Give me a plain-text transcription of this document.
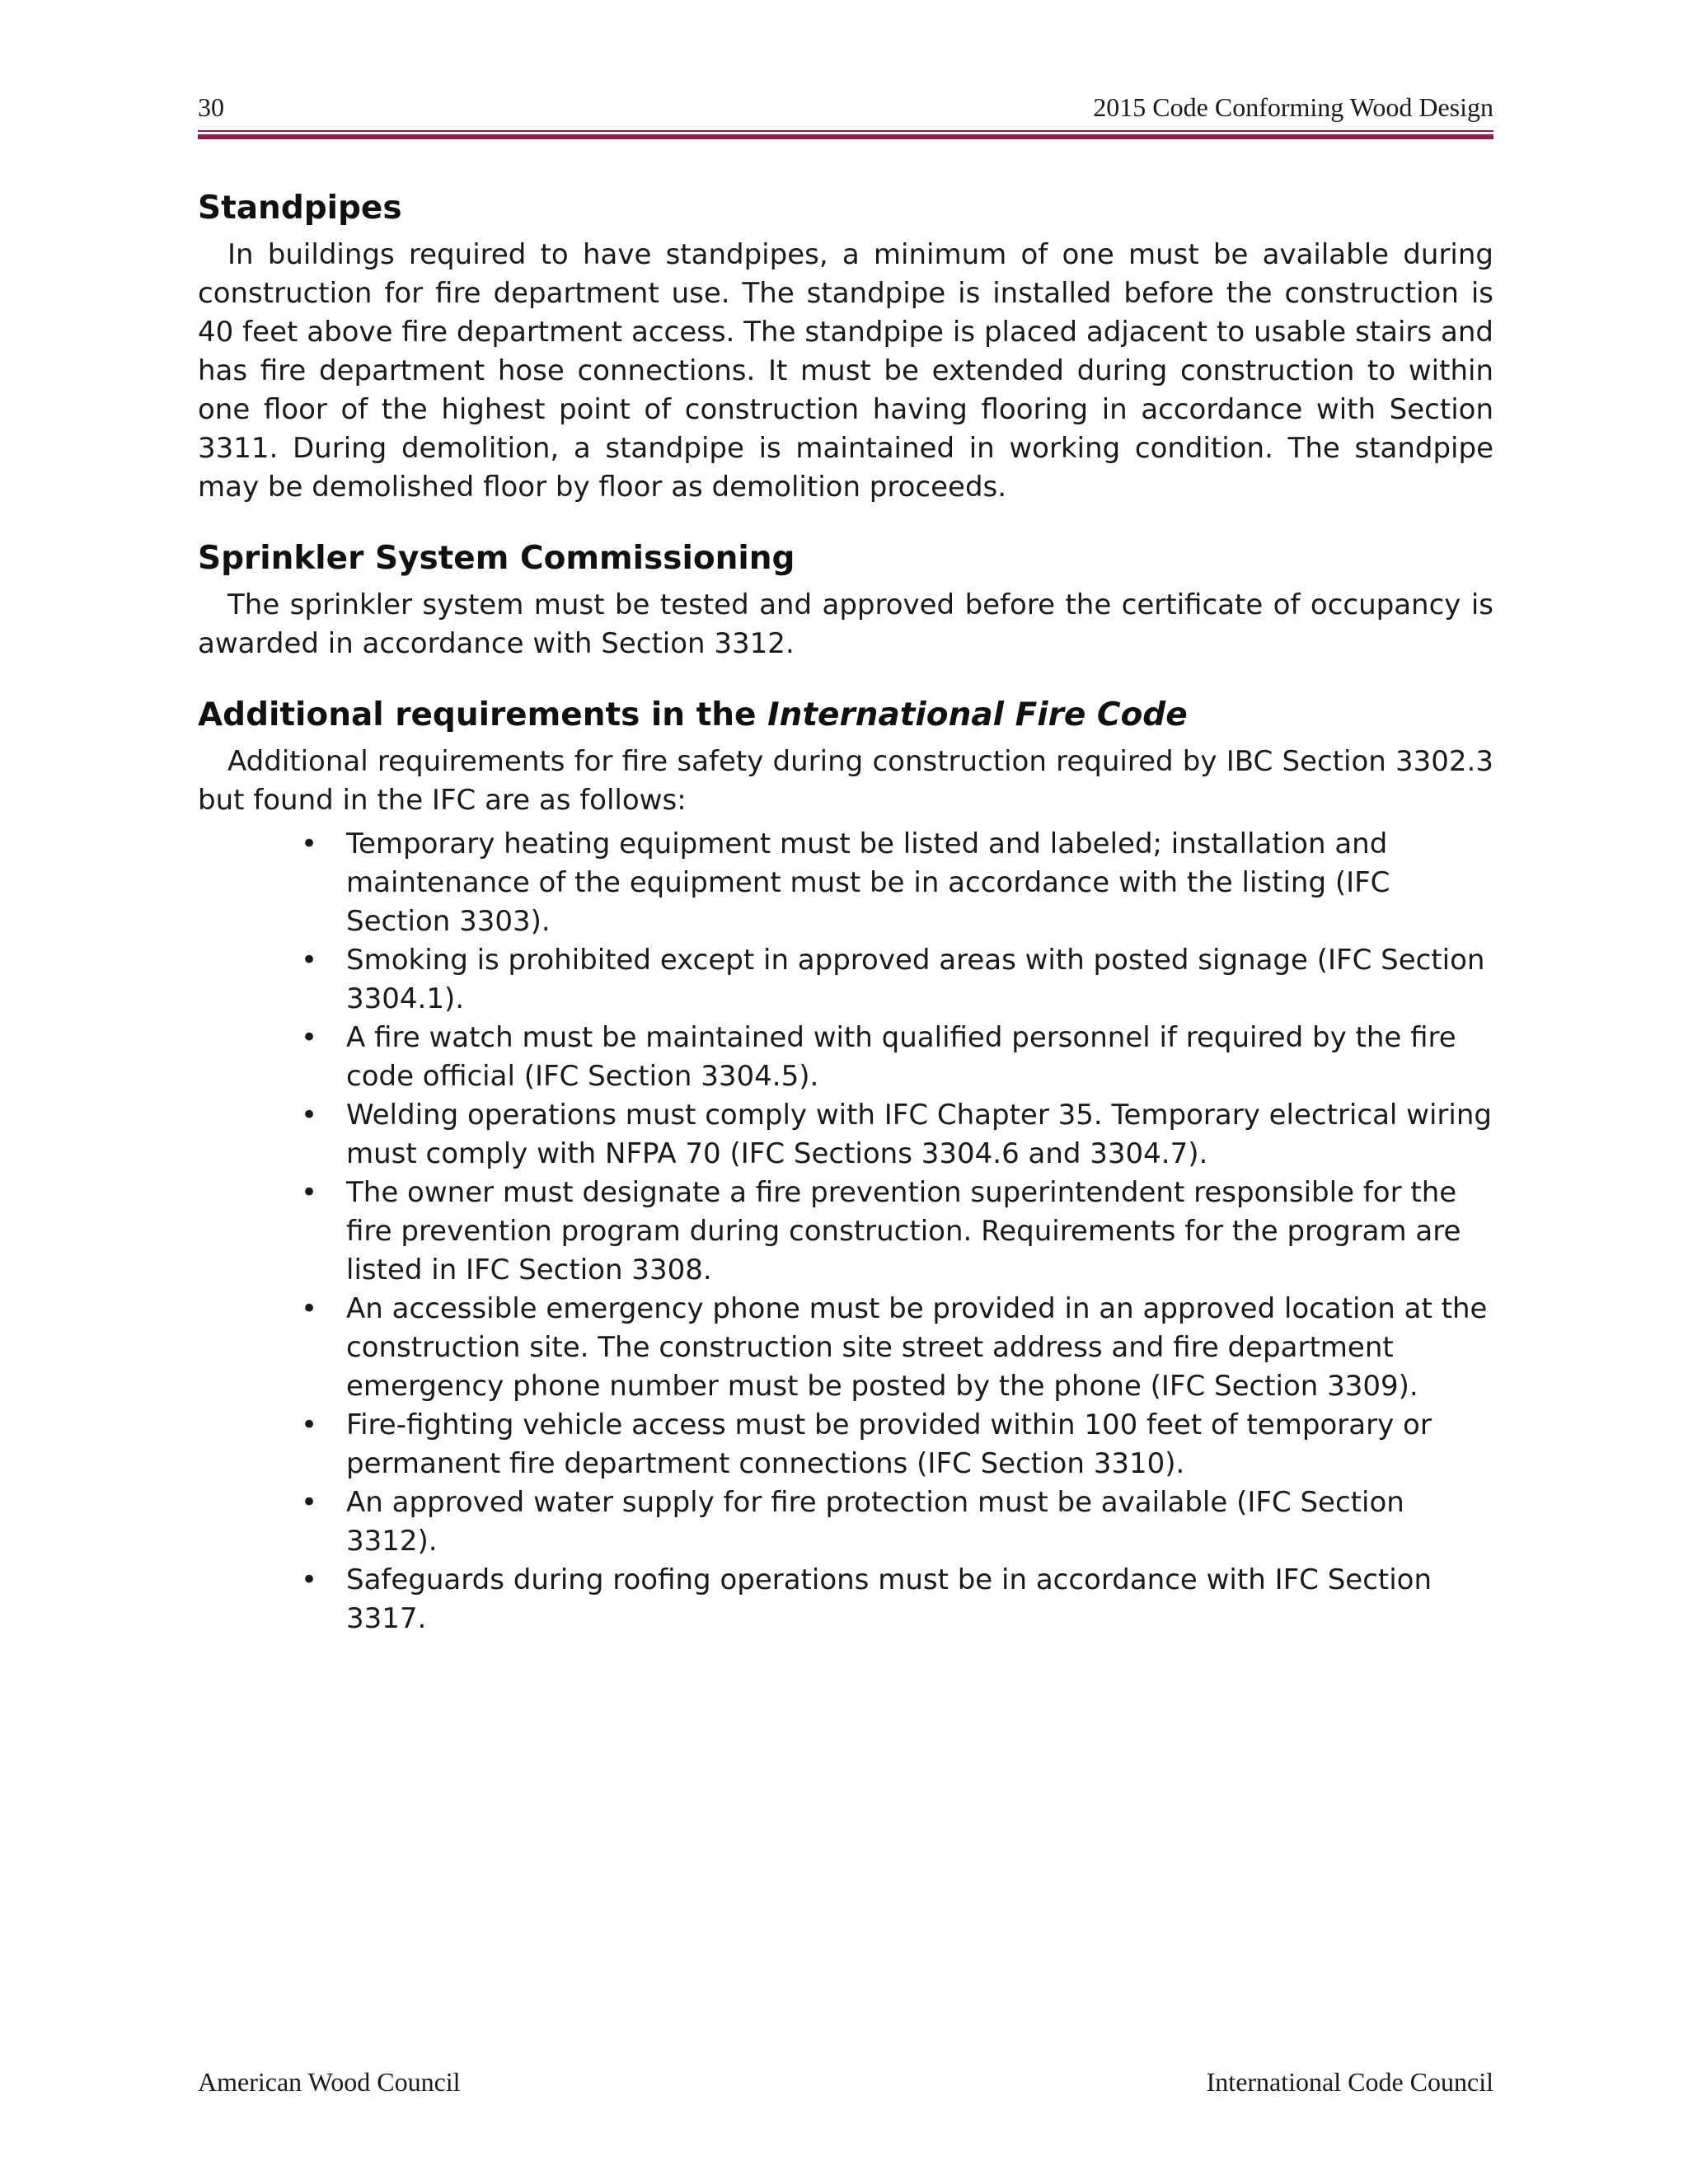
30	2015 Code Conforming Wood Design
Standpipes

In buildings required to have standpipes, a minimum of one must be available during construction for fire department use. The standpipe is installed before the construction is 40 feet above fire department access. The standpipe is placed adjacent to usable stairs and has fire department hose connections. It must be extended during construction to within one floor of the highest point of construction having flooring in accordance with Section 3311. During demolition, a standpipe is maintained in working condition. The standpipe may be demolished floor by floor as demolition proceeds.

Sprinkler System Commissioning

The sprinkler system must be tested and approved before the certificate of occupancy is awarded in accordance with Section 3312.

Additional requirements in the International Fire Code

Additional requirements for fire safety during construction required by IBC Section 3302.3 but found in the IFC are as follows:

• Temporary heating equipment must be listed and labeled; installation and maintenance of the equipment must be in accordance with the listing (IFC Section 3303).
• Smoking is prohibited except in approved areas with posted signage (IFC Section 3304.1).
• A fire watch must be maintained with qualified personnel if required by the fire code official (IFC Section 3304.5).
• Welding operations must comply with IFC Chapter 35. Temporary electrical wiring must comply with NFPA 70 (IFC Sections 3304.6 and 3304.7).
• The owner must designate a fire prevention superintendent responsible for the fire prevention program during construction. Requirements for the program are listed in IFC Section 3308.
• An accessible emergency phone must be provided in an approved location at the construction site. The construction site street address and fire department emergency phone number must be posted by the phone (IFC Section 3309).
• Fire-fighting vehicle access must be provided within 100 feet of temporary or permanent fire department connections (IFC Section 3310).
• An approved water supply for fire protection must be available (IFC Section 3312).
• Safeguards during roofing operations must be in accordance with IFC Section 3317.
American Wood Council	International Code Council
